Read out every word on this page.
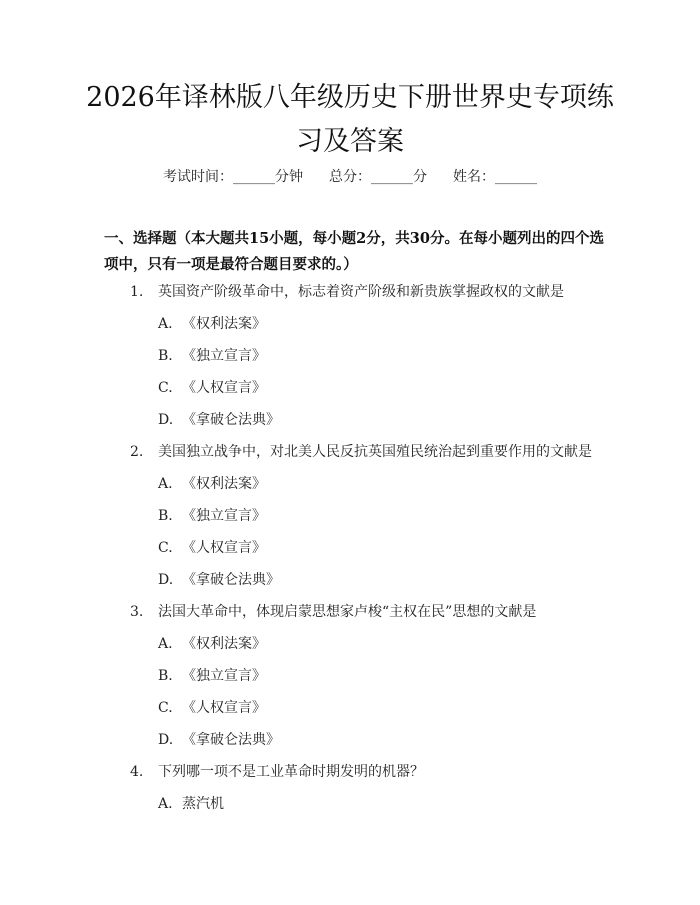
2026年译林版八年级历史下册世界史专项练习及答案
考试时间：______分钟 总分：______分 姓名：______
一、选择题（本大题共15小题，每小题2分，共30分。在每小题列出的四个选项中，只有一项是最符合题目要求的。）
1. 英国资产阶级革命中，标志着资产阶级和新贵族掌握政权的文献是
A. 《权利法案》
B. 《独立宣言》
C. 《人权宣言》
D. 《拿破仑法典》
2. 美国独立战争中，对北美人民反抗英国殖民统治起到重要作用的文献是
A. 《权利法案》
B. 《独立宣言》
C. 《人权宣言》
D. 《拿破仑法典》
3. 法国大革命中，体现启蒙思想家卢梭“主权在民”思想的文献是
A. 《权利法案》
B. 《独立宣言》
C. 《人权宣言》
D. 《拿破仑法典》
4. 下列哪一项不是工业革命时期发明的机器？
A. 蒸汽机
